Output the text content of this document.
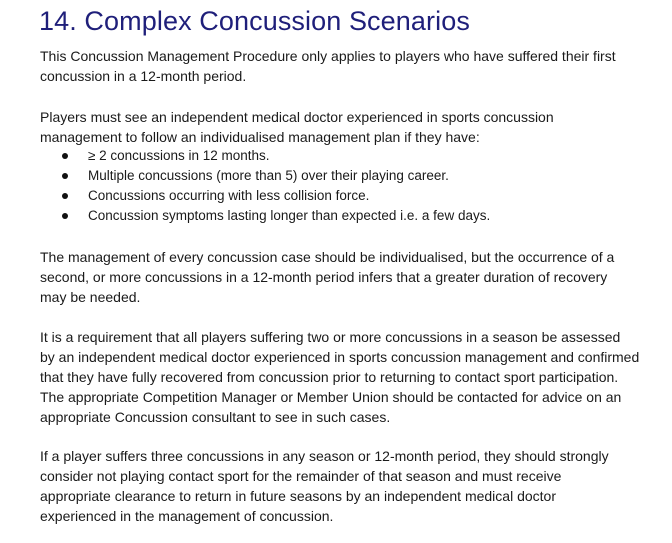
14. Complex Concussion Scenarios

This Concussion Management Procedure only applies to players who have suffered their first
concussion in a 12-month period.

Players must see an independent medical doctor experienced in sports concussion
management to follow an individualised management plan if they have:

≥ 2 concussions in 12 months.
Multiple concussions (more than 5) over their playing career.
Concussions occurring with less collision force.
Concussion symptoms lasting longer than expected i.e. a few days.

The management of every concussion case should be individualised, but the occurrence of a
second, or more concussions in a 12-month period infers that a greater duration of recovery
may be needed.

It is a requirement that all players suffering two or more concussions in a season be assessed
by an independent medical doctor experienced in sports concussion management and confirmed
that they have fully recovered from concussion prior to returning to contact sport participation.
The appropriate Competition Manager or Member Union should be contacted for advice on an
appropriate Concussion consultant to see in such cases.

If a player suffers three concussions in any season or 12-month period, they should strongly
consider not playing contact sport for the remainder of that season and must receive
appropriate clearance to return in future seasons by an independent medical doctor
experienced in the management of concussion.
